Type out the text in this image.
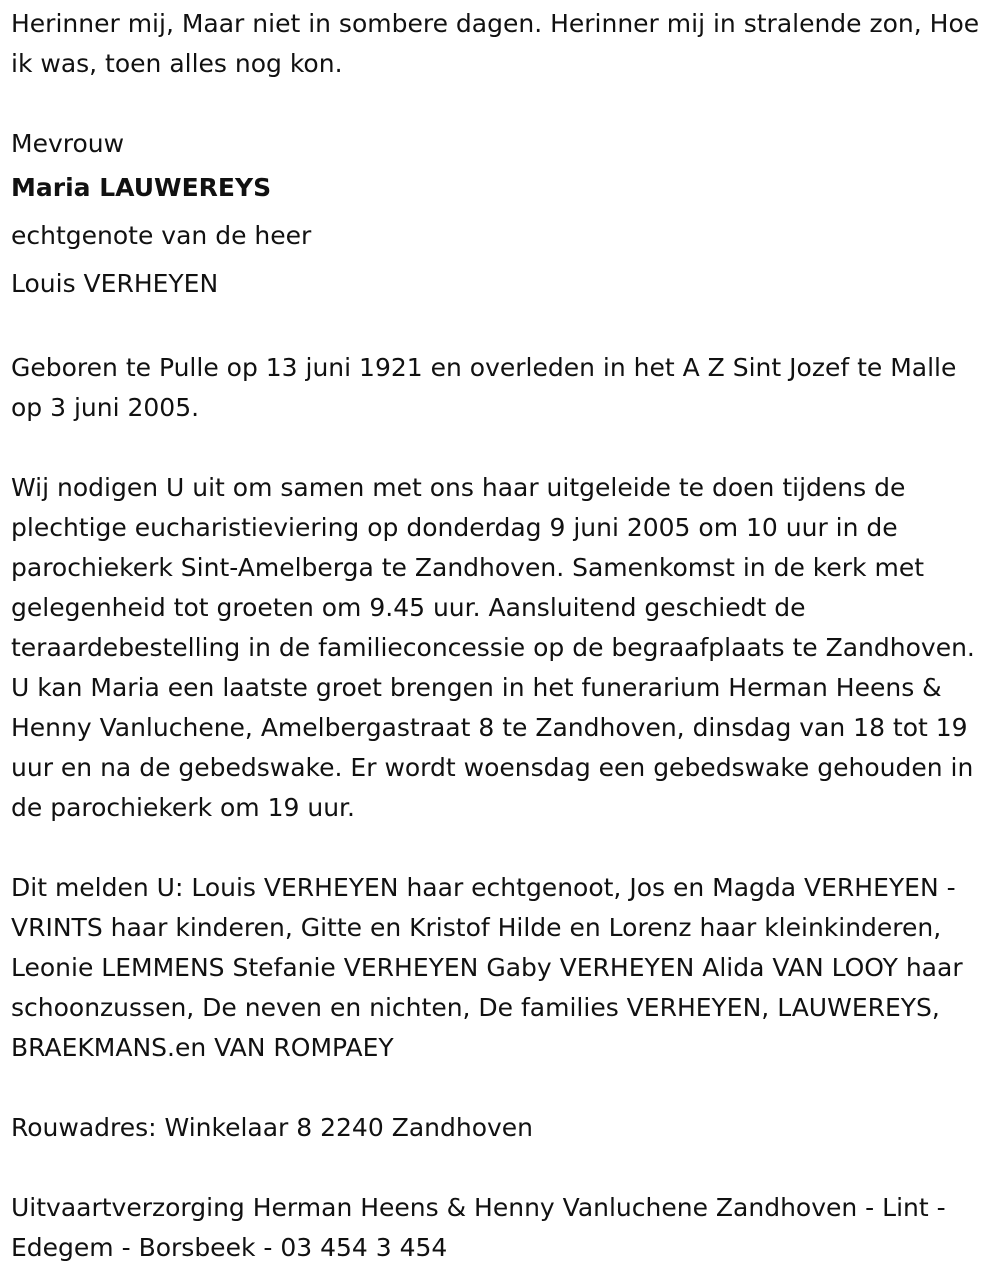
Herinner mij, Maar niet in sombere dagen. Herinner mij in stralende zon, Hoe ik was, toen alles nog kon.

Mevrouw

Maria LAUWEREYS

echtgenote van de heer

Louis VERHEYEN

Geboren te Pulle op 13 juni 1921 en overleden in het A Z Sint Jozef te Malle op 3 juni 2005.

Wij nodigen U uit om samen met ons haar uitgeleide te doen tijdens de plechtige eucharistieviering op donderdag 9 juni 2005 om 10 uur in de parochiekerk Sint-Amelberga te Zandhoven. Samenkomst in de kerk met gelegenheid tot groeten om 9.45 uur. Aansluitend geschiedt de teraardebestelling in de familieconcessie op de begraafplaats te Zandhoven. U kan Maria een laatste groet brengen in het funerarium Herman Heens & Henny Vanluchene, Amelbergastraat 8 te Zandhoven, dinsdag van 18 tot 19 uur en na de gebedswake. Er wordt woensdag een gebedswake gehouden in de parochiekerk om 19 uur.

Dit melden U: Louis VERHEYEN haar echtgenoot, Jos en Magda VERHEYEN - VRINTS haar kinderen, Gitte en Kristof Hilde en Lorenz haar kleinkinderen, Leonie LEMMENS Stefanie VERHEYEN Gaby VERHEYEN Alida VAN LOOY haar schoonzussen, De neven en nichten, De families VERHEYEN, LAUWEREYS, BRAEKMANS.en VAN ROMPAEY

Rouwadres: Winkelaar 8 2240 Zandhoven

Uitvaartverzorging Herman Heens & Henny Vanluchene Zandhoven - Lint - Edegem - Borsbeek - 03 454 3 454
